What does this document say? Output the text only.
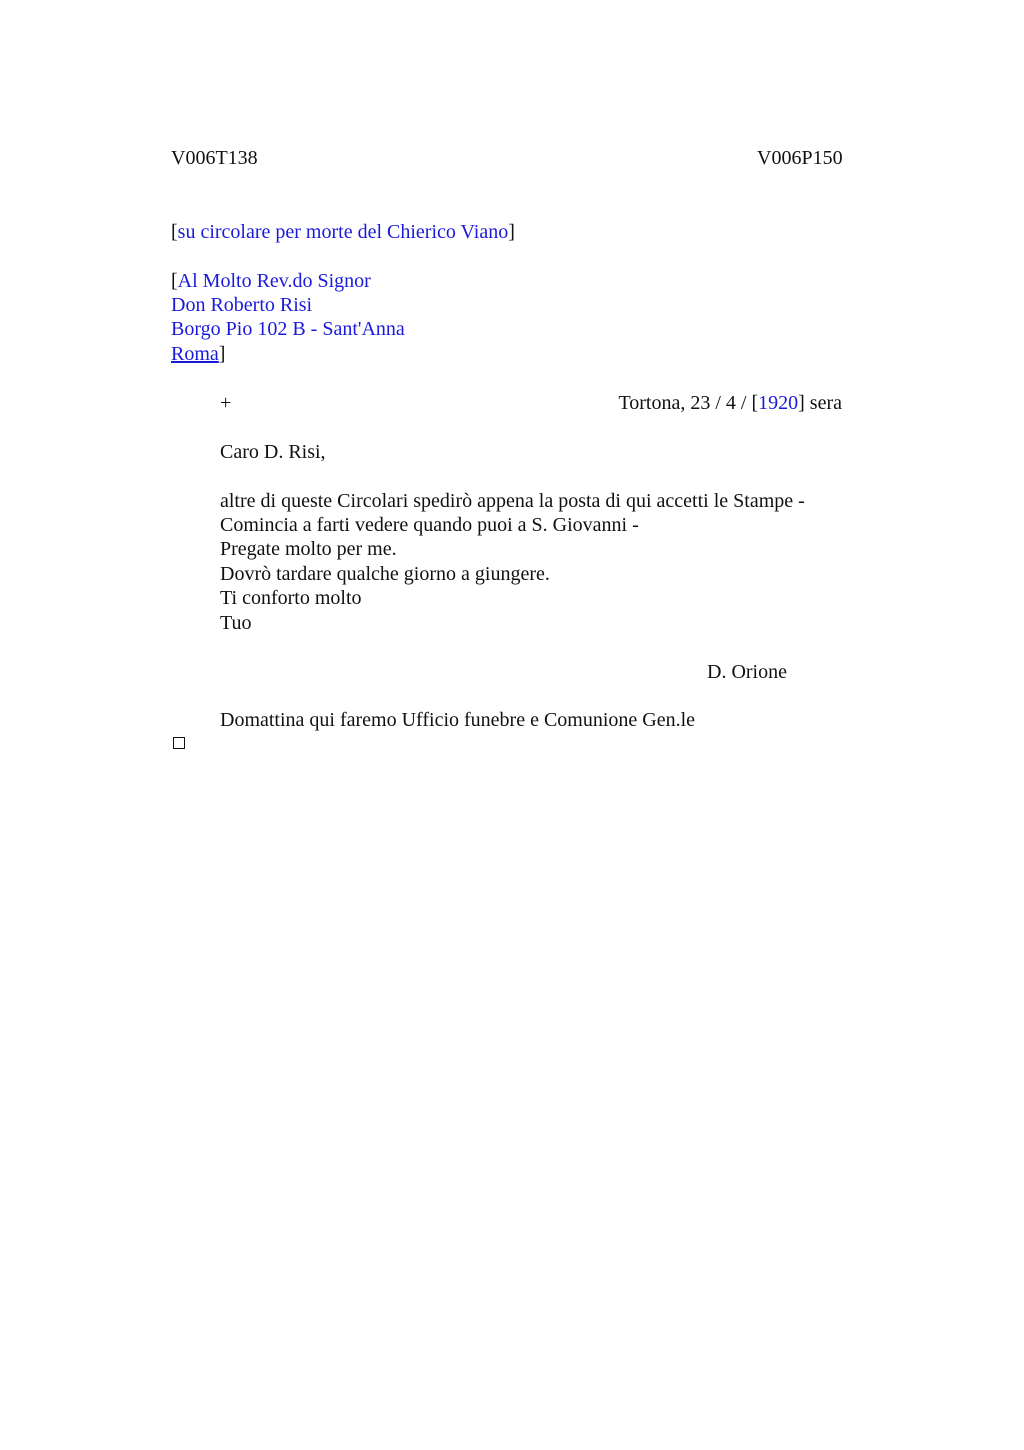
V006T138	V006P150
[su circolare per morte del Chierico Viano]
[Al Molto Rev.do Signor
Don Roberto Risi
Borgo Pio 102 B - Sant'Anna
Roma]
+	Tortona, 23 / 4 / [1920] sera
Caro D. Risi,
altre di queste Circolari spedirò appena la posta di qui accetti le Stampe -
Comincia a farti vedere quando puoi a S. Giovanni -
Pregate molto per me.
Dovrò tardare qualche giorno a giungere.
Ti conforto molto
Tuo
D. Orione
Domattina qui faremo Ufficio funebre e Comunione Gen.le
